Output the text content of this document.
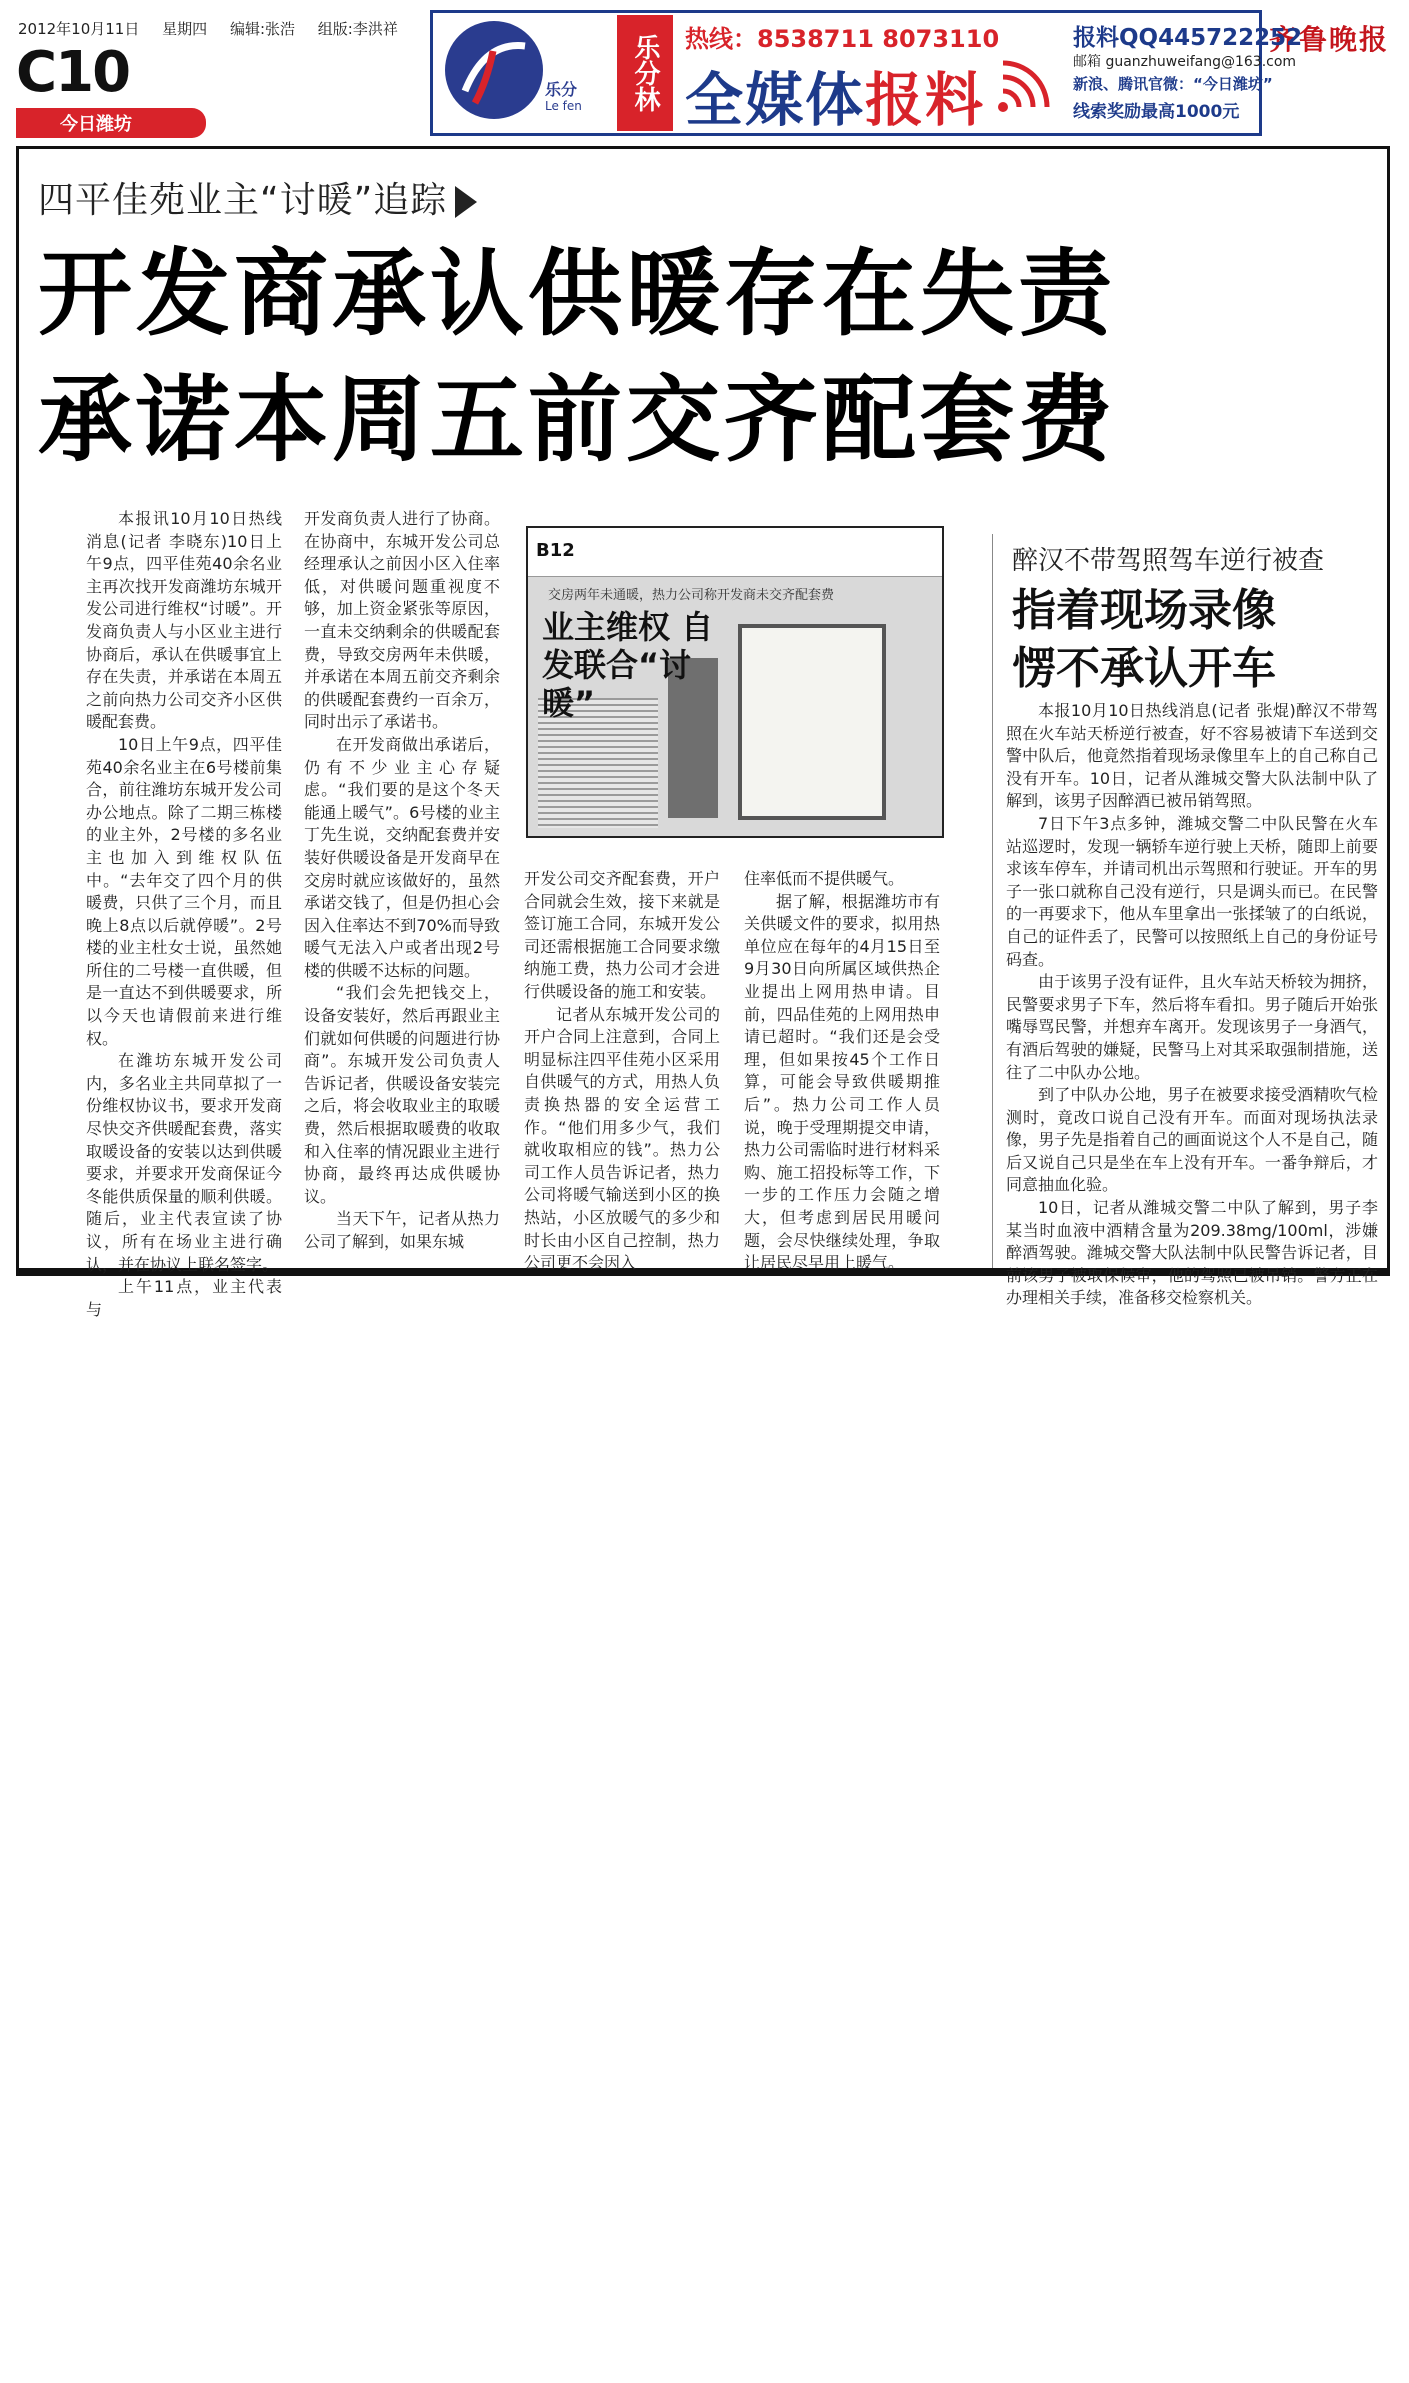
2012年10月11日 星期四 编辑:张浩 组版:李洪祥
C10
今日潍坊
齐鲁晚报
乐分
Le fen	乐分林	热线：8538711 8073110
全媒体报料
报料QQ445722252
邮箱 guanzhuweifang@163.com
新浪、腾讯官微：“今日潍坊”
线索奖励最高1000元
四平佳苑业主“讨暖”追踪
开发商承认供暖存在失责
承诺本周五前交齐配套费

本报讯10月10日热线消息(记者 李晓东)10日上午9点，四平佳苑40余名业主再次找开发商潍坊东城开发公司进行维权“讨暖”。开发商负责人与小区业主进行协商后，承认在供暖事宜上存在失责，并承诺在本周五之前向热力公司交齐小区供暖配套费。

10日上午9点，四平佳苑40余名业主在6号楼前集合，前往潍坊东城开发公司办公地点。除了二期三栋楼的业主外，2号楼的多名业主也加入到维权队伍中。“去年交了四个月的供暖费，只供了三个月，而且晚上8点以后就停暖”。2号楼的业主杜女士说，虽然她所住的二号楼一直供暖，但是一直达不到供暖要求，所以今天也请假前来进行维权。

在潍坊东城开发公司内，多名业主共同草拟了一份维权协议书，要求开发商尽快交齐供暖配套费，落实取暖设备的安装以达到供暖要求，并要求开发商保证今冬能供质保量的顺利供暖。随后，业主代表宣读了协议，所有在场业主进行确认，并在协议上联名签字。

上午11点，业主代表与

开发商负责人进行了协商。在协商中，东城开发公司总经理承认之前因小区入住率低，对供暖问题重视度不够，加上资金紧张等原因，一直未交纳剩余的供暖配套费，导致交房两年未供暖，并承诺在本周五前交齐剩余的供暖配套费约一百余万，同时出示了承诺书。

在开发商做出承诺后，仍有不少业主心存疑虑。“我们要的是这个冬天能通上暖气”。6号楼的业主丁先生说，交纳配套费并安装好供暖设备是开发商早在交房时就应该做好的，虽然承诺交钱了，但是仍担心会因入住率达不到70%而导致暖气无法入户或者出现2号楼的供暖不达标的问题。

“我们会先把钱交上，设备安装好，然后再跟业主们就如何供暖的问题进行协商”。东城开发公司负责人告诉记者，供暖设备安装完之后，将会收取业主的取暖费，然后根据取暖费的收取和入住率的情况跟业主进行协商，最终再达成供暖协议。

当天下午，记者从热力公司了解到，如果东城

B12
交房两年未通暖，热力公司称开发商未交齐配套费
业主维权 自发联合“讨暖”

开发公司交齐配套费，开户合同就会生效，接下来就是签订施工合同，东城开发公司还需根据施工合同要求缴纳施工费，热力公司才会进行供暖设备的施工和安装。

记者从东城开发公司的开户合同上注意到，合同上明显标注四平佳苑小区采用自供暖气的方式，用热人负责换热器的安全运营工作。“他们用多少气，我们就收取相应的钱”。热力公司工作人员告诉记者，热力公司将暖气输送到小区的换热站，小区放暖气的多少和时长由小区自己控制，热力公司更不会因入

住率低而不提供暖气。

据了解，根据潍坊市有关供暖文件的要求，拟用热单位应在每年的4月15日至9月30日向所属区域供热企业提出上网用热申请。目前，四品佳苑的上网用热申请已超时。“我们还是会受理，但如果按45个工作日算，可能会导致供暖期推后”。热力公司工作人员说，晚于受理期提交申请，热力公司需临时进行材料采购、施工招投标等工作，下一步的工作压力会随之增大，但考虑到居民用暖问题，会尽快继续处理，争取让居民尽早用上暖气。

醉汉不带驾照驾车逆行被查
指着现场录像
愣不承认开车

本报10月10日热线消息(记者 张焜)醉汉不带驾照在火车站天桥逆行被查，好不容易被请下车送到交警中队后，他竟然指着现场录像里车上的自己称自己没有开车。10日，记者从潍城交警大队法制中队了解到，该男子因醉酒已被吊销驾照。

7日下午3点多钟，潍城交警二中队民警在火车站巡逻时，发现一辆轿车逆行驶上天桥，随即上前要求该车停车，并请司机出示驾照和行驶证。开车的男子一张口就称自己没有逆行，只是调头而已。在民警的一再要求下，他从车里拿出一张揉皱了的白纸说，自己的证件丢了，民警可以按照纸上自己的身份证号码查。

由于该男子没有证件，且火车站天桥较为拥挤，民警要求男子下车，然后将车看扣。男子随后开始张嘴辱骂民警，并想弃车离开。发现该男子一身酒气，有酒后驾驶的嫌疑，民警马上对其采取强制措施，送往了二中队办公地。

到了中队办公地，男子在被要求接受酒精吹气检测时，竟改口说自己没有开车。而面对现场执法录像，男子先是指着自己的画面说这个人不是自己，随后又说自己只是坐在车上没有开车。一番争辩后，才同意抽血化验。

10日，记者从潍城交警二中队了解到，男子李某当时血液中酒精含量为209.38mg/100ml，涉嫌醉酒驾驶。潍城交警大队法制中队民警告诉记者，目前该男子被取保候审，他的驾照已被吊销。警方正在办理相关手续，准备移交检察机关。
